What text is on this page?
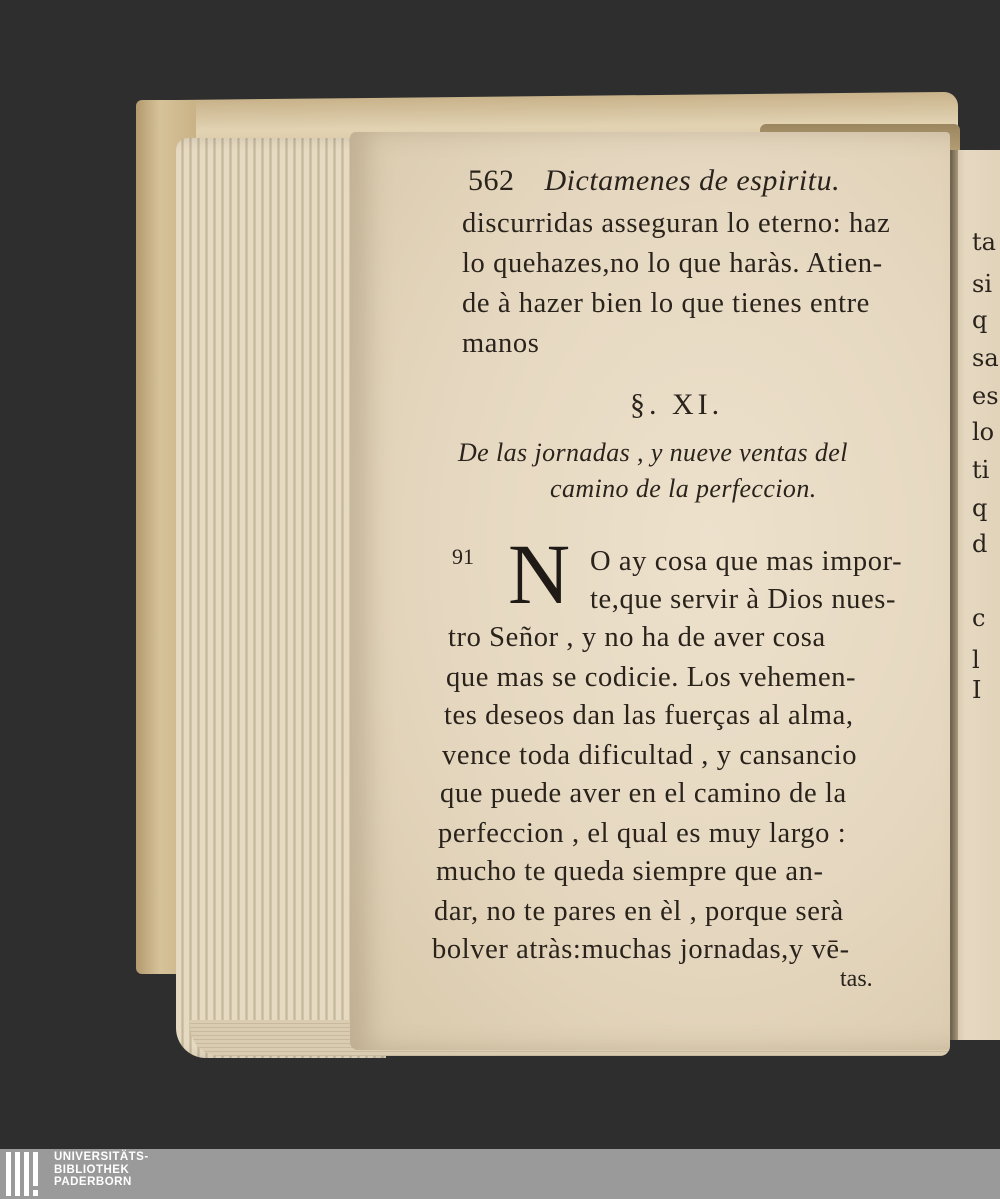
562 Dictamenes de espiritu.
discurridas asseguran lo eterno: haz
lo quehazes,no lo que haràs. Atien-
de à hazer bien lo que tienes entre
manos
§. XI.
De las jornadas , y nueve ventas del
camino de la perfeccion.
91 N O ay cosa que mas impor-
te,que servir à Dios nues-
tro Señor , y no ha de aver cosa
que mas se codicie. Los vehemen-
tes deseos dan las fuerças al alma,
vence toda dificultad , y cansancio
que puede aver en el camino de la
perfeccion , el qual es muy largo :
mucho te queda siempre que an-
dar, no te pares en èl , porque serà
bolver atràs:muchas jornadas,y vē-
tas.
ta
si
q
sa
es
lo
ti
q
d
c
l
I
UNIVERSITÄTS-
BIBLIOTHEK
PADERBORN
